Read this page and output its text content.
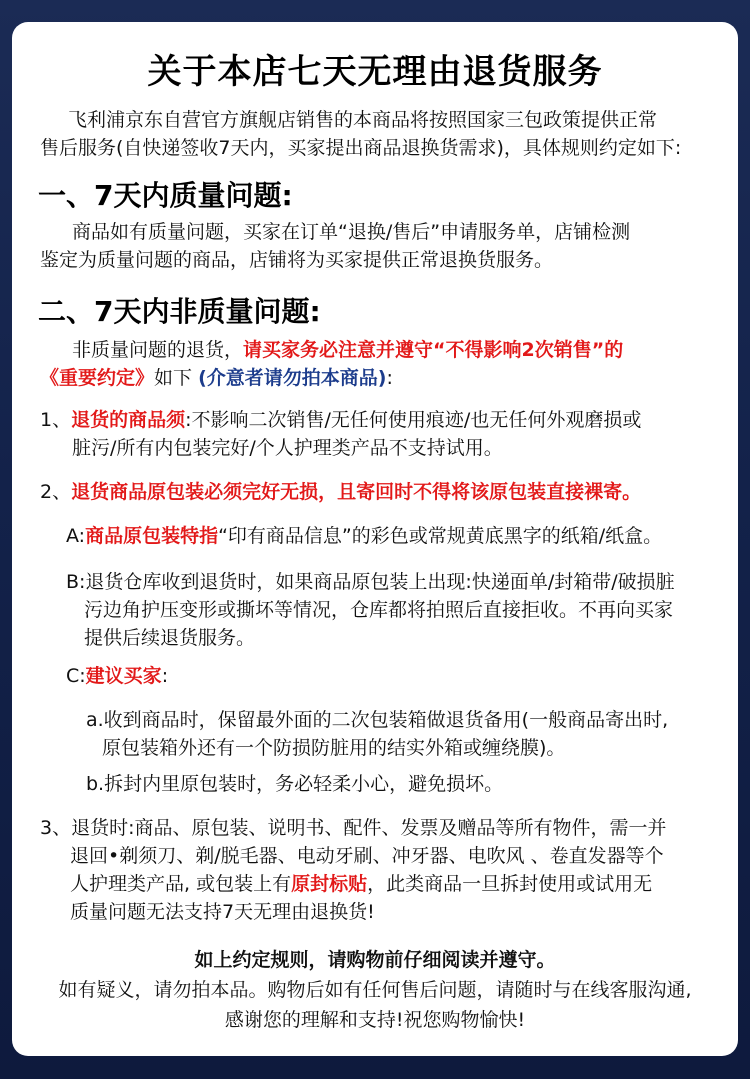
关于本店七天无理由退货服务
飞利浦京东自营官方旗舰店销售的本商品将按照国家三包政策提供正常
售后服务(自快递签收7天内，买家提出商品退换货需求)，具体规则约定如下:
一、7天内质量问题:
商品如有质量问题，买家在订单“退换/售后”申请服务单，店铺检测
鉴定为质量问题的商品，店铺将为买家提供正常退换货服务。
二、7天内非质量问题:
非质量问题的退货，请买家务必注意并遵守“不得影响2次销售”的
《重要约定》如下 (介意者请勿拍本商品):
1、退货的商品须:不影响二次销售/无任何使用痕迹/也无任何外观磨损或
脏污/所有内包装完好/个人护理类产品不支持试用。
2、退货商品原包装必须完好无损，且寄回时不得将该原包装直接裸寄。
A:商品原包装特指“印有商品信息”的彩色或常规黄底黑字的纸箱/纸盒。
B:退货仓库收到退货时，如果商品原包装上出现:快递面单/封箱带/破损脏
污边角护压变形或撕坏等情况，仓库都将拍照后直接拒收。不再向买家
提供后续退货服务。
C:建议买家:
a.收到商品时，保留最外面的二次包装箱做退货备用(一般商品寄出时,
原包装箱外还有一个防损防脏用的结实外箱或缠绕膜)。
b.拆封内里原包装时，务必轻柔小心，避免损坏。
3、退货时:商品、原包装、说明书、配件、发票及赠品等所有物件，需一并
退回•剃须刀、剃/脱毛器、电动牙刷、冲牙器、电吹风 、卷直发器等个
人护理类产品, 或包装上有原封标贴，此类商品一旦拆封使用或试用无
质量问题无法支持7天无理由退换货!
如上约定规则，请购物前仔细阅读并遵守。
如有疑义，请勿拍本品。购物后如有任何售后问题，请随时与在线客服沟通,
感谢您的理解和支持!祝您购物愉快!
